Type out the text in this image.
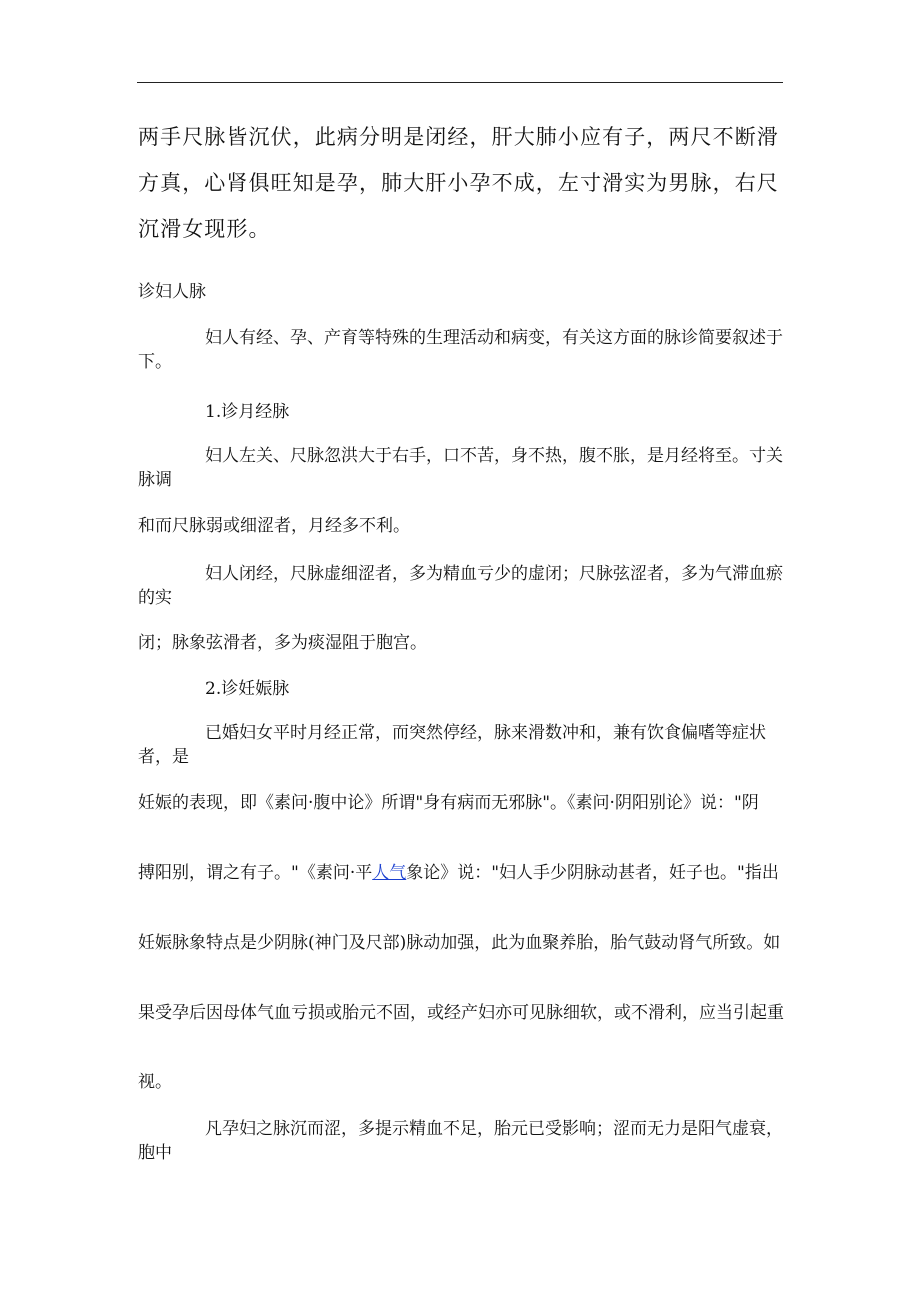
两手尺脉皆沉伏，此病分明是闭经，肝大肺小应有子，两尺不断滑方真，心肾俱旺知是孕，肺大肝小孕不成，左寸滑实为男脉，右尺沉滑女现形。
诊妇人脉
妇人有经、孕、产育等特殊的生理活动和病变，有关这方面的脉诊简要叙述于下。
1.诊月经脉
妇人左关、尺脉忽洪大于右手，口不苦，身不热，腹不胀，是月经将至。寸关脉调
和而尺脉弱或细涩者，月经多不利。
妇人闭经，尺脉虚细涩者，多为精血亏少的虚闭；尺脉弦涩者，多为气滞血瘀的实
闭；脉象弦滑者，多为痰湿阻于胞宫。
2.诊妊娠脉
已婚妇女平时月经正常，而突然停经，脉来滑数冲和，兼有饮食偏嗜等症状者，是
妊娠的表现，即《素问·腹中论》所谓"身有病而无邪脉"。《素问·阴阳别论》说："阴
搏阳别，谓之有子。"《素问·平人气象论》说："妇人手少阴脉动甚者，妊子也。"指出
妊娠脉象特点是少阴脉(神门及尺部)脉动加强，此为血聚养胎，胎气鼓动肾气所致。如
果受孕后因母体气血亏损或胎元不固，或经产妇亦可见脉细软，或不滑利，应当引起重
视。
凡孕妇之脉沉而涩，多提示精血不足，胎元已受影响；涩而无力是阳气虚衰，胞中
